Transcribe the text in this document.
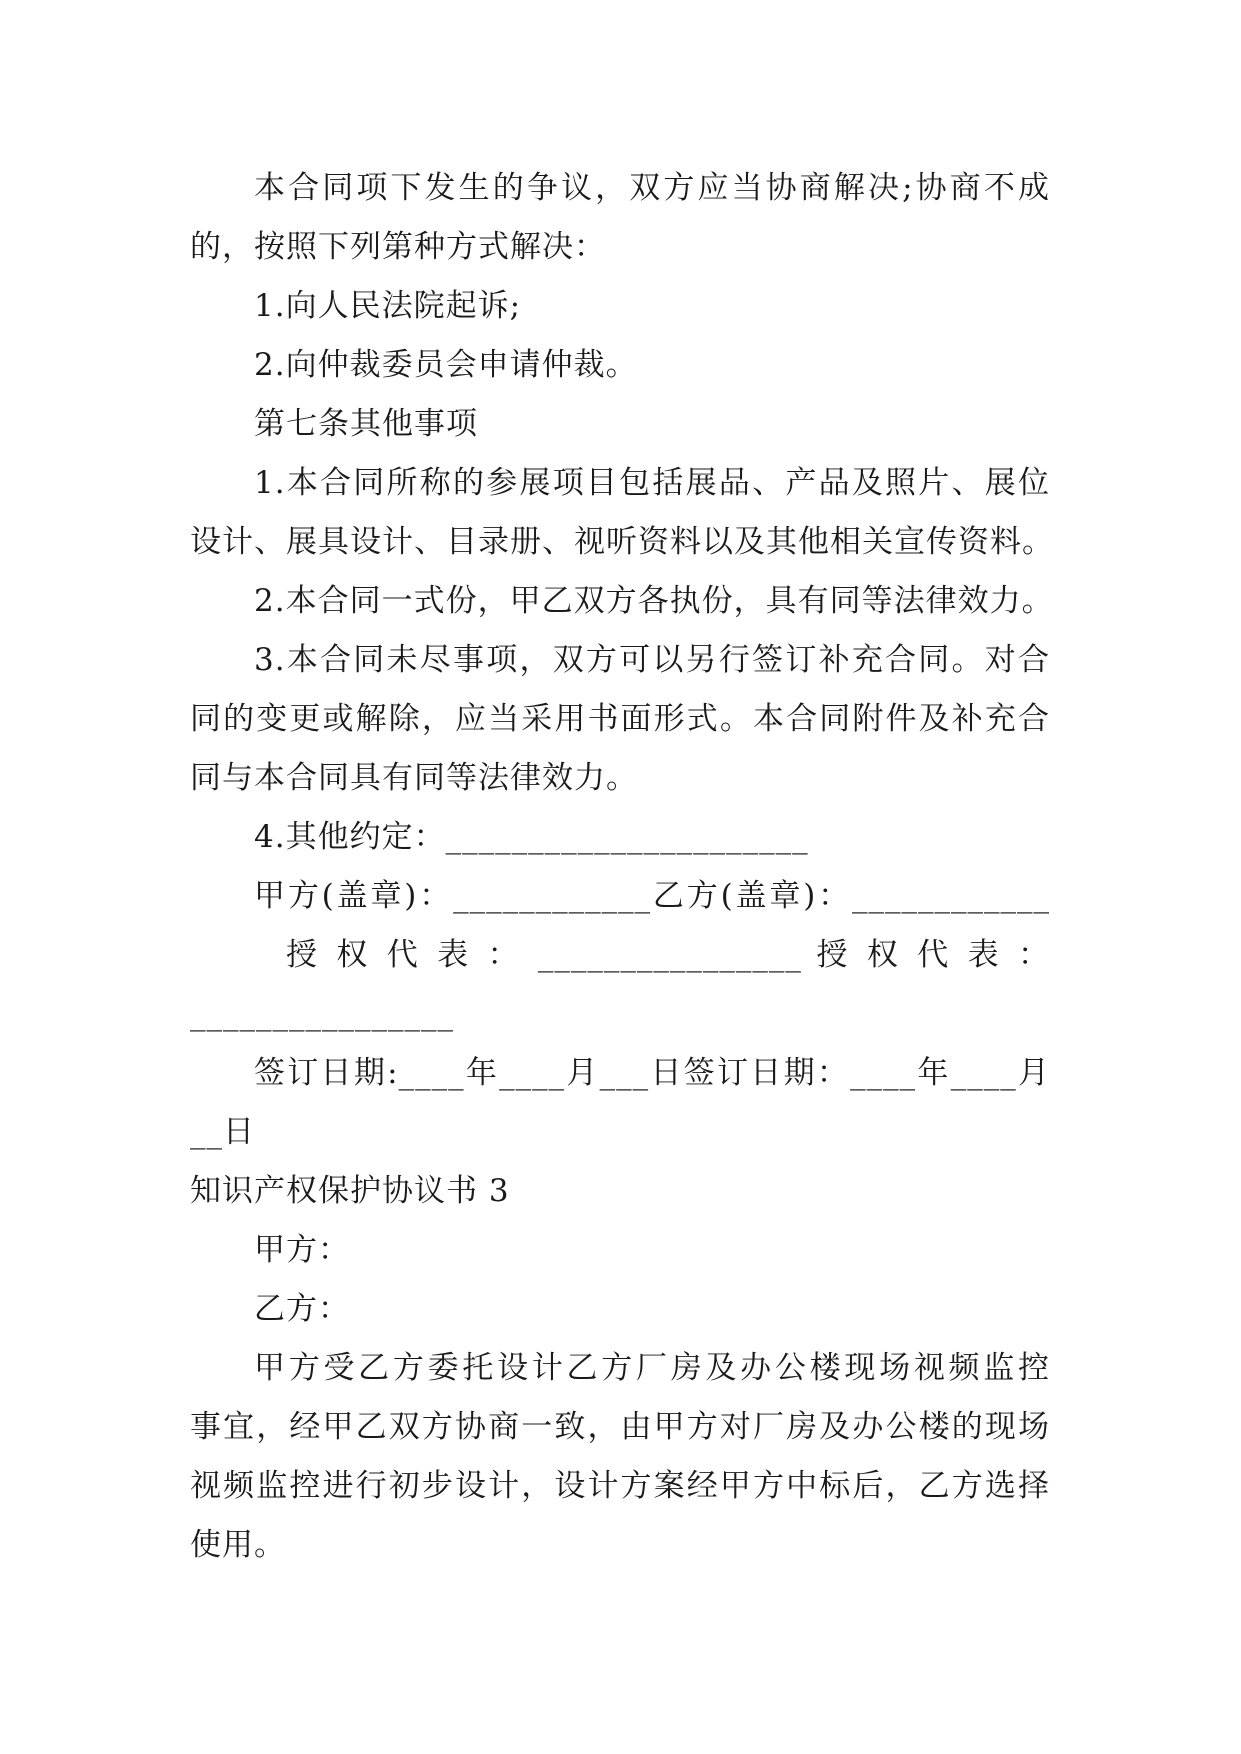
本合同项下发生的争议，双方应当协商解决;协商不成
的，按照下列第种方式解决：
1.向人民法院起诉;
2.向仲裁委员会申请仲裁。
第七条其他事项
1.本合同所称的参展项目包括展品、产品及照片、展位
设计、展具设计、目录册、视听资料以及其他相关宣传资料。
2.本合同一式份，甲乙双方各执份，具有同等法律效力。
3.本合同未尽事项，双方可以另行签订补充合同。对合
同的变更或解除，应当采用书面形式。本合同附件及补充合
同与本合同具有同等法律效力。
4.其他约定：______________________
甲方(盖章)：____________乙方(盖章)：____________
授 权 代 表 ： ________________ 授 权 代 表 ：
________________
签订日期:____年____月___日签订日期：____年____月
__日
知识产权保护协议书 3
甲方：
乙方：
甲方受乙方委托设计乙方厂房及办公楼现场视频监控
事宜，经甲乙双方协商一致，由甲方对厂房及办公楼的现场
视频监控进行初步设计，设计方案经甲方中标后，乙方选择
使用。
